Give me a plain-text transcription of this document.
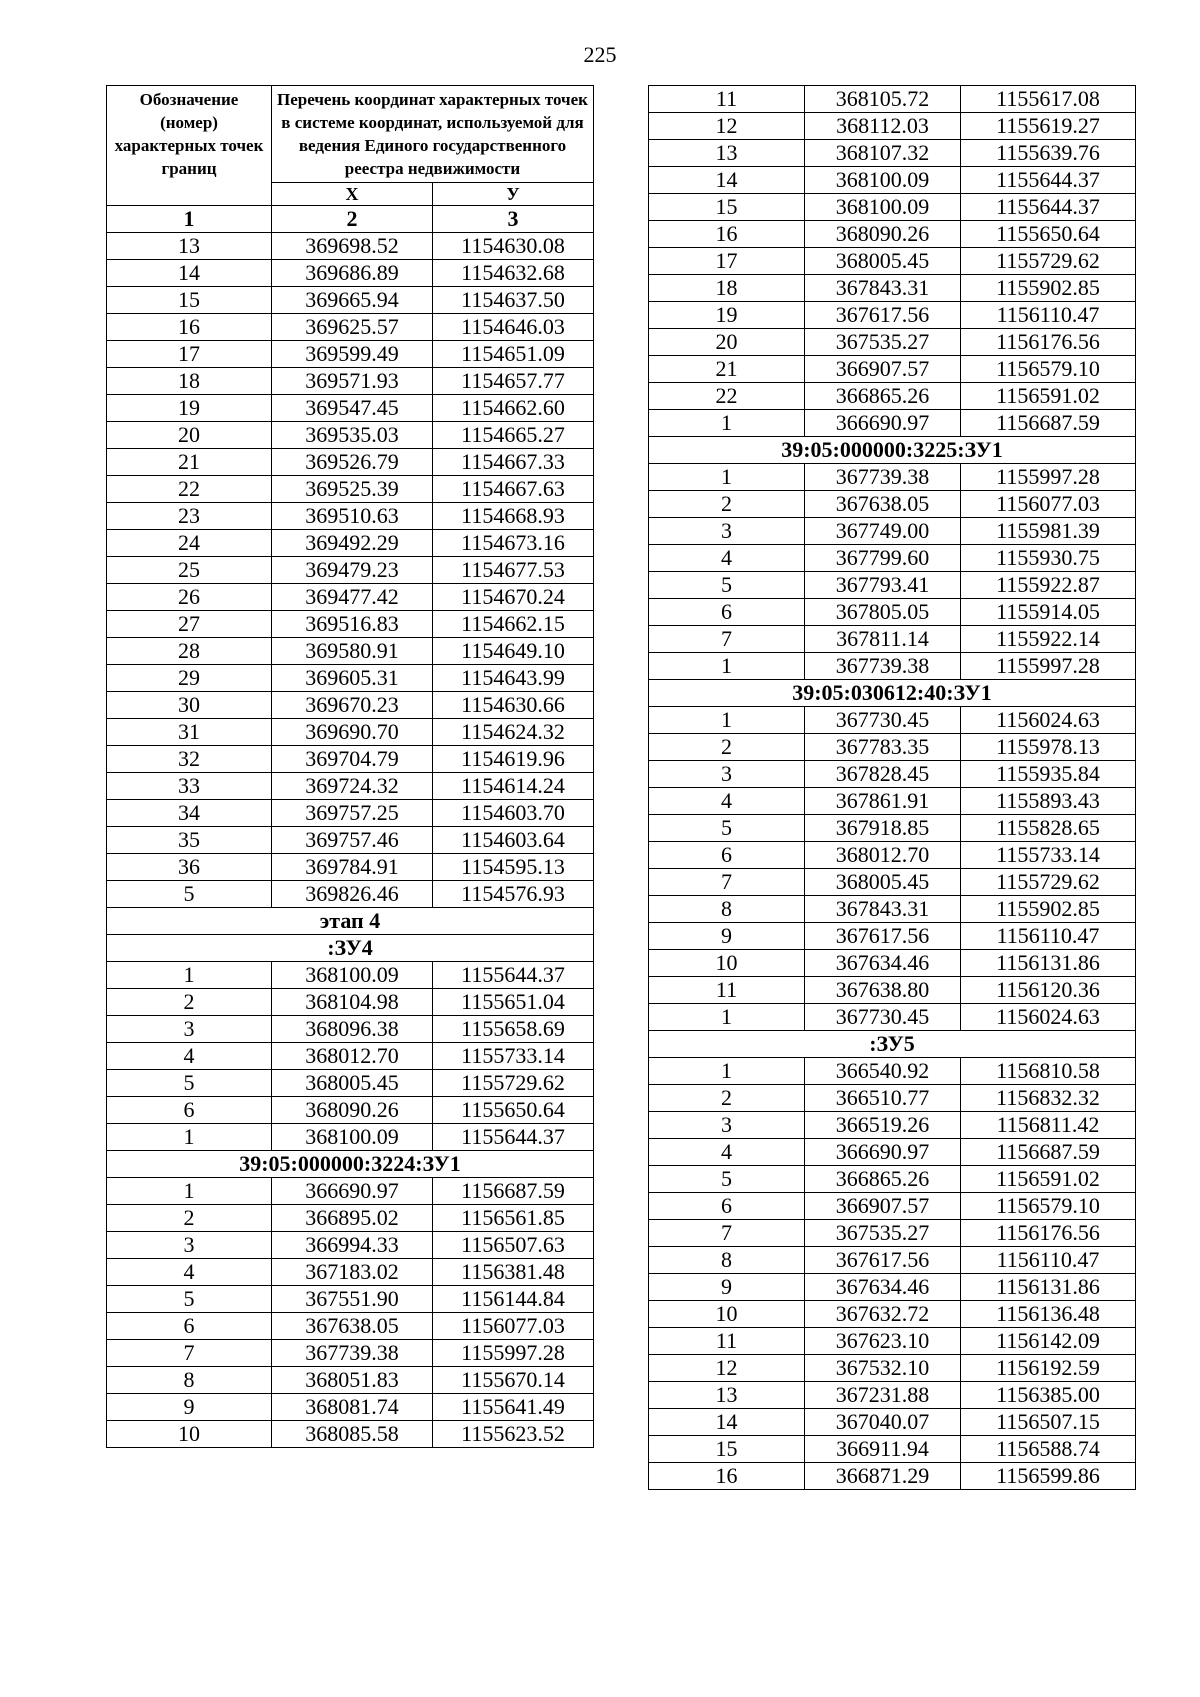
225
Обозначение (номер) характерных точек границ	Перечень координат характерных точек в системе координат, используемой для ведения Единого государственного реестра недвижимости	
	X	У
1	2	3
13	369698.52	1154630.08
14	369686.89	1154632.68
15	369665.94	1154637.50
16	369625.57	1154646.03
17	369599.49	1154651.09
18	369571.93	1154657.77
19	369547.45	1154662.60
20	369535.03	1154665.27
21	369526.79	1154667.33
22	369525.39	1154667.63
23	369510.63	1154668.93
24	369492.29	1154673.16
25	369479.23	1154677.53
26	369477.42	1154670.24
27	369516.83	1154662.15
28	369580.91	1154649.10
29	369605.31	1154643.99
30	369670.23	1154630.66
31	369690.70	1154624.32
32	369704.79	1154619.96
33	369724.32	1154614.24
34	369757.25	1154603.70
35	369757.46	1154603.64
36	369784.91	1154595.13
5	369826.46	1154576.93
этап 4		
:ЗУ4		
1	368100.09	1155644.37
2	368104.98	1155651.04
3	368096.38	1155658.69
4	368012.70	1155733.14
5	368005.45	1155729.62
6	368090.26	1155650.64
1	368100.09	1155644.37
39:05:000000:3224:ЗУ1		
1	366690.97	1156687.59
2	366895.02	1156561.85
3	366994.33	1156507.63
4	367183.02	1156381.48
5	367551.90	1156144.84
6	367638.05	1156077.03
7	367739.38	1155997.28
8	368051.83	1155670.14
9	368081.74	1155641.49
10	368085.58	1155623.52
11	368105.72	1155617.08
12	368112.03	1155619.27
13	368107.32	1155639.76
14	368100.09	1155644.37
15	368100.09	1155644.37
16	368090.26	1155650.64
17	368005.45	1155729.62
18	367843.31	1155902.85
19	367617.56	1156110.47
20	367535.27	1156176.56
21	366907.57	1156579.10
22	366865.26	1156591.02
1	366690.97	1156687.59
39:05:000000:3225:ЗУ1		
1	367739.38	1155997.28
2	367638.05	1156077.03
3	367749.00	1155981.39
4	367799.60	1155930.75
5	367793.41	1155922.87
6	367805.05	1155914.05
7	367811.14	1155922.14
1	367739.38	1155997.28
39:05:030612:40:ЗУ1		
1	367730.45	1156024.63
2	367783.35	1155978.13
3	367828.45	1155935.84
4	367861.91	1155893.43
5	367918.85	1155828.65
6	368012.70	1155733.14
7	368005.45	1155729.62
8	367843.31	1155902.85
9	367617.56	1156110.47
10	367634.46	1156131.86
11	367638.80	1156120.36
1	367730.45	1156024.63
:ЗУ5		
1	366540.92	1156810.58
2	366510.77	1156832.32
3	366519.26	1156811.42
4	366690.97	1156687.59
5	366865.26	1156591.02
6	366907.57	1156579.10
7	367535.27	1156176.56
8	367617.56	1156110.47
9	367634.46	1156131.86
10	367632.72	1156136.48
11	367623.10	1156142.09
12	367532.10	1156192.59
13	367231.88	1156385.00
14	367040.07	1156507.15
15	366911.94	1156588.74
16	366871.29	1156599.86
